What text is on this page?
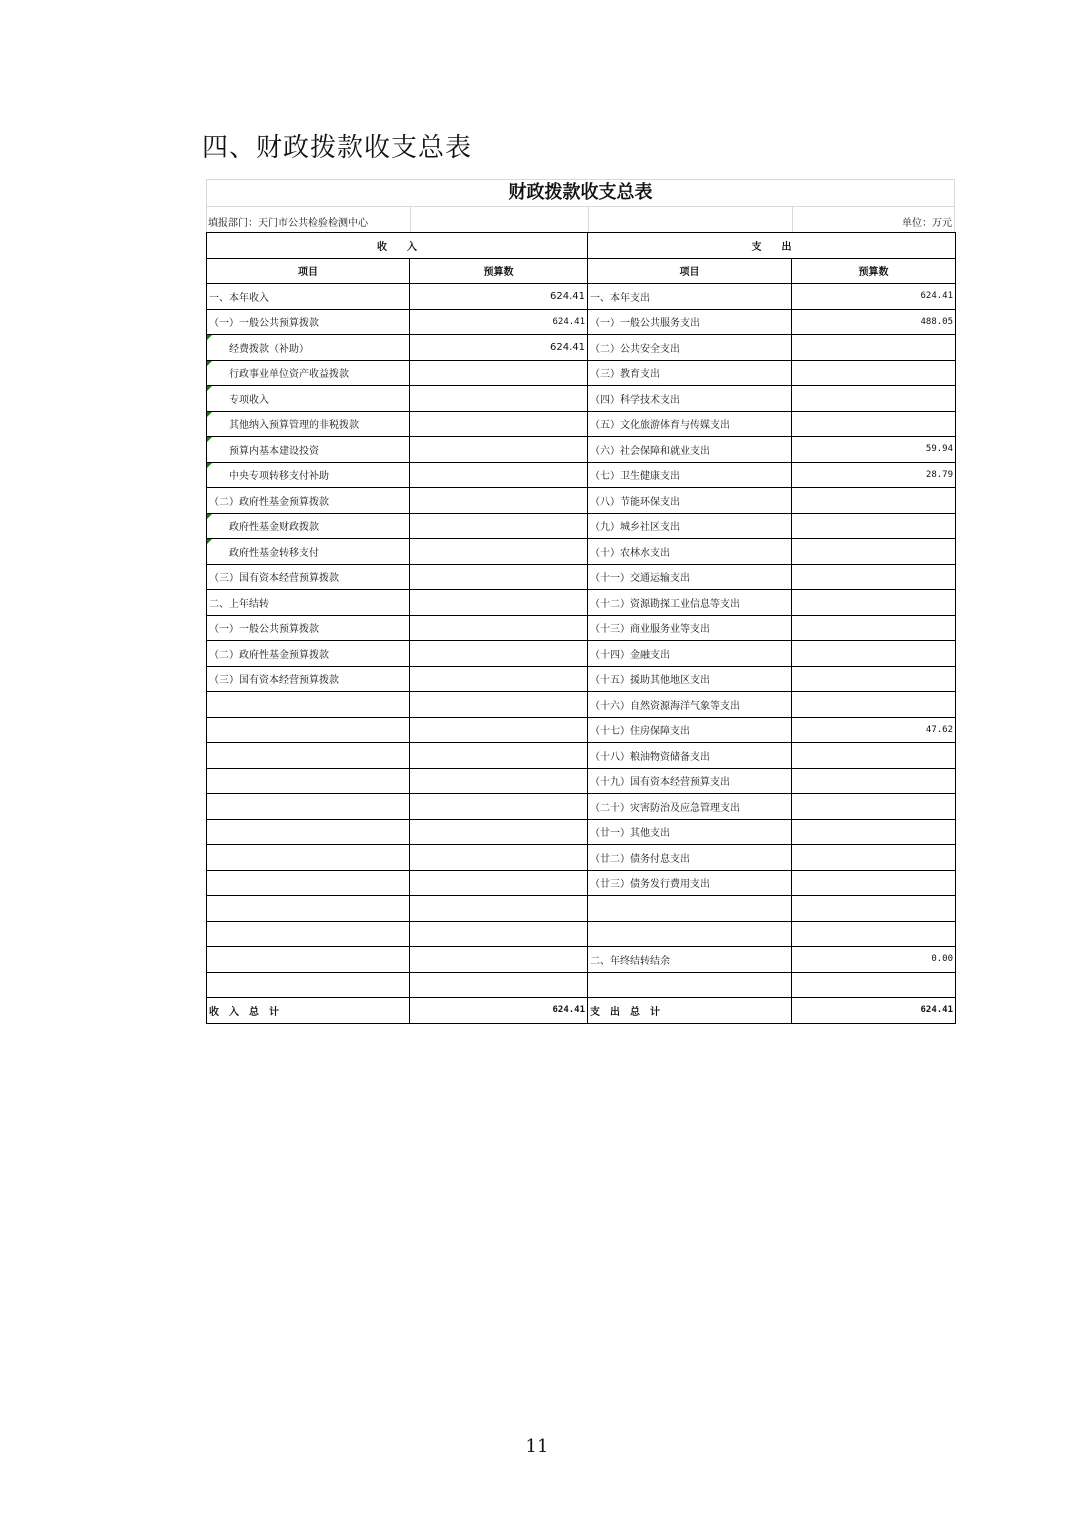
四、财政拨款收支总表
财政拨款收支总表
填报部门：天门市公共检验检测中心	单位：万元
收　　入		支　　出	
项目	预算数	项目	预算数
一、本年收入	624.41	一、本年支出	624.41
（一）一般公共预算拨款	624.41	（一）一般公共服务支出	488.05
经费拨款（补助）	624.41	（二）公共安全支出	
行政事业单位资产收益拨款		（三）教育支出	
专项收入		（四）科学技术支出	
其他纳入预算管理的非税拨款		（五）文化旅游体育与传媒支出	
预算内基本建设投资		（六）社会保障和就业支出	59.94
中央专项转移支付补助		（七）卫生健康支出	28.79
（二）政府性基金预算拨款		（八）节能环保支出	
政府性基金财政拨款		（九）城乡社区支出	
政府性基金转移支付		（十）农林水支出	
（三）国有资本经营预算拨款		（十一）交通运输支出	
二、上年结转		（十二）资源勘探工业信息等支出	
（一）一般公共预算拨款		（十三）商业服务业等支出	
（二）政府性基金预算拨款		（十四）金融支出	
（三）国有资本经营预算拨款		（十五）援助其他地区支出	
		（十六）自然资源海洋气象等支出	
		（十七）住房保障支出	47.62
		（十八）粮油物资储备支出	
		（十九）国有资本经营预算支出	
		（二十）灾害防治及应急管理支出	
		（廿一）其他支出	
		（廿二）债务付息支出	
		（廿三）债务发行费用支出	

		二、年终结转结余	0.00

收　入　总　计	624.41	支　出　总　计	624.41
11
